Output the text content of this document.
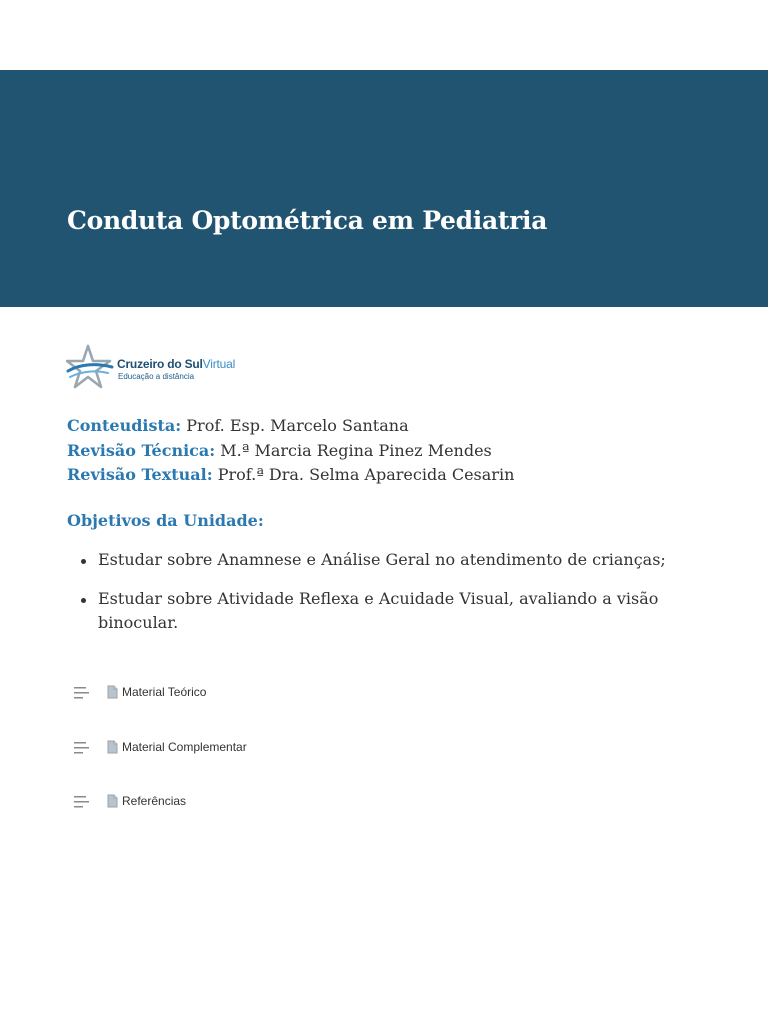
Conduta Optométrica em Pediatria
Cruzeiro do SulVirtual
Educação a distância
Conteudista: Prof. Esp. Marcelo Santana
Revisão Técnica: M.ª Marcia Regina Pinez Mendes
Revisão Textual: Prof.ª Dra. Selma Aparecida Cesarin
Objetivos da Unidade:
Estudar sobre Anamnese e Análise Geral no atendimento de crianças;
Estudar sobre Atividade Reflexa e Acuidade Visual, avaliando a visão binocular.
Material Teórico
Material Complementar
Referências
